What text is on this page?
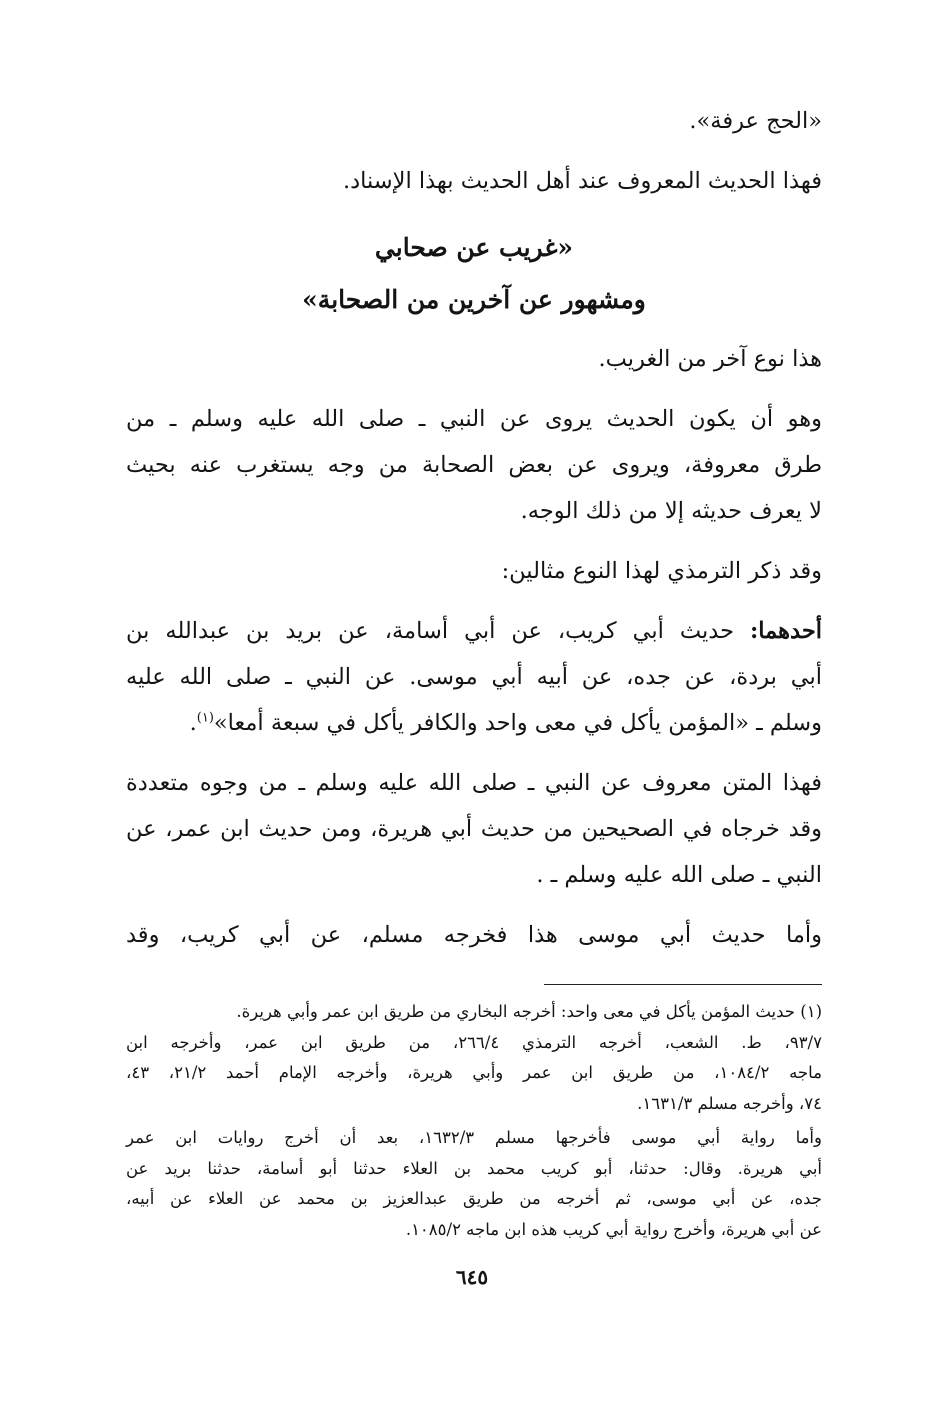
«الحج عرفة».
فهذا الحديث المعروف عند أهل الحديث بهذا الإسناد.
«غريب عن صحابي
ومشهور عن آخرين من الصحابة»
هذا نوع آخر من الغريب.
وهو أن يكون الحديث يروى عن النبي ـ صلى الله عليه وسلم ـ من
طرق معروفة، ويروى عن بعض الصحابة من وجه يستغرب عنه بحيث
لا يعرف حديثه إلا من ذلك الوجه.
وقد ذكر الترمذي لهذا النوع مثالين:
أحدهما: حديث أبي كريب، عن أبي أسامة، عن بريد بن عبدالله بن
أبي بردة، عن جده، عن أبيه أبي موسى. عن النبي ـ صلى الله عليه
وسلم ـ «المؤمن يأكل في معى واحد والكافر يأكل في سبعة أمعا»$^{(١)}$.
فهذا المتن معروف عن النبي ـ صلى الله عليه وسلم ـ من وجوه متعددة
وقد خرجاه في الصحيحين من حديث أبي هريرة، ومن حديث ابن عمر، عن
النبي ـ صلى الله عليه وسلم ـ .
وأما حديث أبي موسى هذا فخرجه مسلم، عن أبي كريب، وقد
(١) حديث المؤمن يأكل في معى واحد: أخرجه البخاري من طريق ابن عمر وأبي هريرة.
٩٣/٧، ط. الشعب، أخرجه الترمذي ٢٦٦/٤، من طريق ابن عمر، وأخرجه ابن
ماجه ١٠٨٤/٢، من طريق ابن عمر وأبي هريرة، وأخرجه الإمام أحمد ٢١/٢، ٤٣،
٧٤، وأخرجه مسلم ١٦٣١/٣.
وأما رواية أبي موسى فأخرجها مسلم ١٦٣٢/٣، بعد أن أخرج روايات ابن عمر
أبي هريرة. وقال: حدثنا، أبو كريب محمد بن العلاء حدثنا أبو أسامة، حدثنا بريد عن
جده، عن أبي موسى، ثم أخرجه من طريق عبدالعزيز بن محمد عن العلاء عن أبيه،
عن أبي هريرة، وأخرج رواية أبي كريب هذه ابن ماجه ١٠٨٥/٢.
٦٤٥
